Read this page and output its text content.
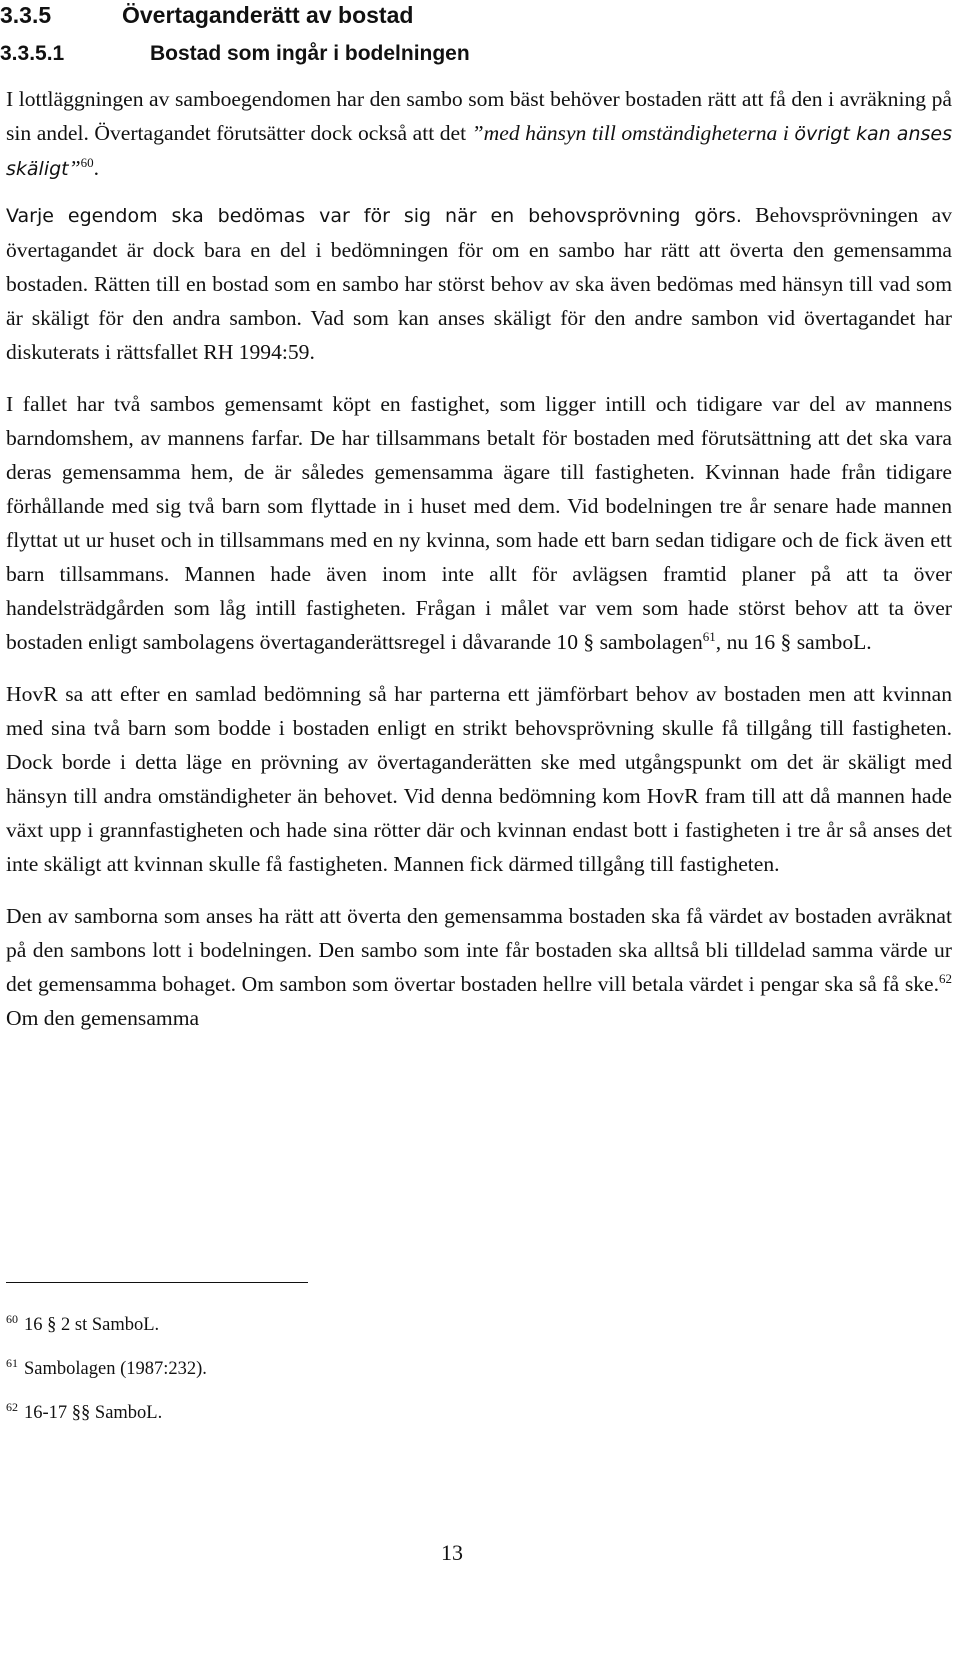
3.3.5	Övertaganderätt av bostad
3.3.5.1	Bostad som ingår i bodelningen

I lottläggningen av samboegendomen har den sambo som bäst behöver bostaden rätt att få den i avräkning på sin andel. Övertagandet förutsätter dock också att det ”med hänsyn till omständigheterna i övrigt kan anses skäligt”$^{60}$.

Varje egendom ska bedömas var för sig när en behovsprövning görs. Behovsprövningen av övertagandet är dock bara en del i bedömningen för om en sambo har rätt att överta den gemensamma bostaden. Rätten till en bostad som en sambo har störst behov av ska även bedömas med hänsyn till vad som är skäligt för den andra sambon. Vad som kan anses skäligt för den andre sambon vid övertagandet har diskuterats i rättsfallet RH 1994:59.

I fallet har två sambos gemensamt köpt en fastighet, som ligger intill och tidigare var del av mannens barndomshem, av mannens farfar. De har tillsammans betalt för bostaden med förutsättning att det ska vara deras gemensamma hem, de är således gemensamma ägare till fastigheten. Kvinnan hade från tidigare förhållande med sig två barn som flyttade in i huset med dem. Vid bodelningen tre år senare hade mannen flyttat ut ur huset och in tillsammans med en ny kvinna, som hade ett barn sedan tidigare och de fick även ett barn tillsammans. Mannen hade även inom inte allt för avlägsen framtid planer på att ta över handelsträdgården som låg intill fastigheten. Frågan i målet var vem som hade störst behov att ta över bostaden enligt sambolagens övertaganderättsregel i dåvarande 10 § sambolagen$^{61}$, nu 16 § samboL.

HovR sa att efter en samlad bedömning så har parterna ett jämförbart behov av bostaden men att kvinnan med sina två barn som bodde i bostaden enligt en strikt behovsprövning skulle få tillgång till fastigheten. Dock borde i detta läge en prövning av övertaganderätten ske med utgångspunkt om det är skäligt med hänsyn till andra omständigheter än behovet. Vid denna bedömning kom HovR fram till att då mannen hade växt upp i grannfastigheten och hade sina rötter där och kvinnan endast bott i fastigheten i tre år så anses det inte skäligt att kvinnan skulle få fastigheten. Mannen fick därmed tillgång till fastigheten.

Den av samborna som anses ha rätt att överta den gemensamma bostaden ska få värdet av bostaden avräknat på den sambons lott i bodelningen. Den sambo som inte får bostaden ska alltså bli tilldelad samma värde ur det gemensamma bohaget. Om sambon som övertar bostaden hellre vill betala värdet i pengar ska så få ske.$^{62}$ Om den gemensamma

$^{60}$ 16 § 2 st SamboL.
$^{61}$ Sambolagen (1987:232).
$^{62}$ 16-17 §§ SamboL.
13
